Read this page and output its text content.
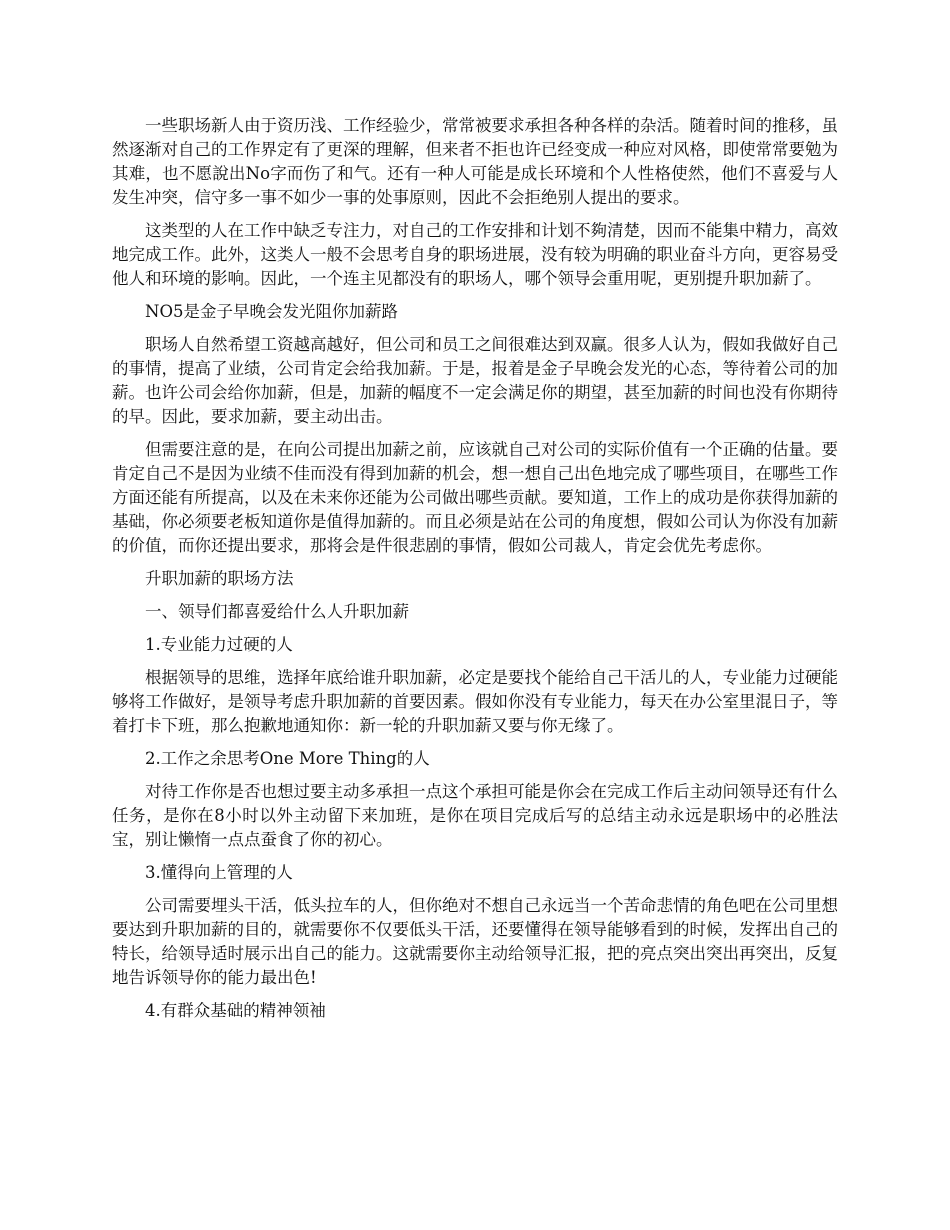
一些职场新人由于资历浅、工作经验少，常常被要求承担各种各样的杂活。随着时间的推移，虽然逐渐对自己的工作界定有了更深的理解，但来者不拒也许已经变成一种应对风格，即使常常要勉为其难，也不愿說出No字而伤了和气。还有一种人可能是成长环境和个人性格使然，他们不喜爱与人发生冲突，信守多一事不如少一事的处事原则，因此不会拒绝别人提出的要求。

这类型的人在工作中缺乏专注力，对自己的工作安排和计划不夠清楚，因而不能集中精力，高效地完成工作。此外，这类人一般不会思考自身的职场进展，没有较为明确的职业奋斗方向，更容易受他人和环境的影响。因此，一个连主见都没有的职场人，哪个领导会重用呢，更别提升职加薪了。

NO5是金子早晚会发光阻你加薪路

职场人自然希望工资越高越好，但公司和员工之间很难达到双赢。很多人认为，假如我做好自己的事情，提高了业绩，公司肯定会给我加薪。于是，报着是金子早晚会发光的心态，等待着公司的加薪。也许公司会给你加薪，但是，加薪的幅度不一定会满足你的期望，甚至加薪的时间也没有你期待的早。因此，要求加薪，要主动出击。

但需要注意的是，在向公司提出加薪之前，应该就自己对公司的实际价值有一个正确的估量。要肯定自己不是因为业绩不佳而没有得到加薪的机会，想一想自己出色地完成了哪些项目，在哪些工作方面还能有所提高，以及在未来你还能为公司做出哪些贡献。要知道，工作上的成功是你获得加薪的基础，你必须要老板知道你是值得加薪的。而且必须是站在公司的角度想，假如公司认为你没有加薪的价值，而你还提出要求，那将会是件很悲剧的事情，假如公司裁人，肯定会优先考虑你。

升职加薪的职场方法

一、领导们都喜爱给什么人升职加薪

1.专业能力过硬的人

根据领导的思维，选择年底给谁升职加薪，必定是要找个能给自己干活儿的人，专业能力过硬能够将工作做好，是领导考虑升职加薪的首要因素。假如你没有专业能力，每天在办公室里混日子，等着打卡下班，那么抱歉地通知你：新一轮的升职加薪又要与你无缘了。

2.工作之余思考One More Thing的人

对待工作你是否也想过要主动多承担一点这个承担可能是你会在完成工作后主动问领导还有什么任务，是你在8小时以外主动留下来加班，是你在项目完成后写的总结主动永远是职场中的必胜法宝，别让懒惰一点点蚕食了你的初心。

3.懂得向上管理的人

公司需要埋头干活，低头拉车的人，但你绝对不想自己永远当一个苦命悲情的角色吧在公司里想要达到升职加薪的目的，就需要你不仅要低头干活，还要懂得在领导能够看到的时候，发挥出自己的特长，给领导适时展示出自己的能力。这就需要你主动给领导汇报，把的亮点突出突出再突出，反复地告诉领导你的能力最出色!

4.有群众基础的精神领袖
